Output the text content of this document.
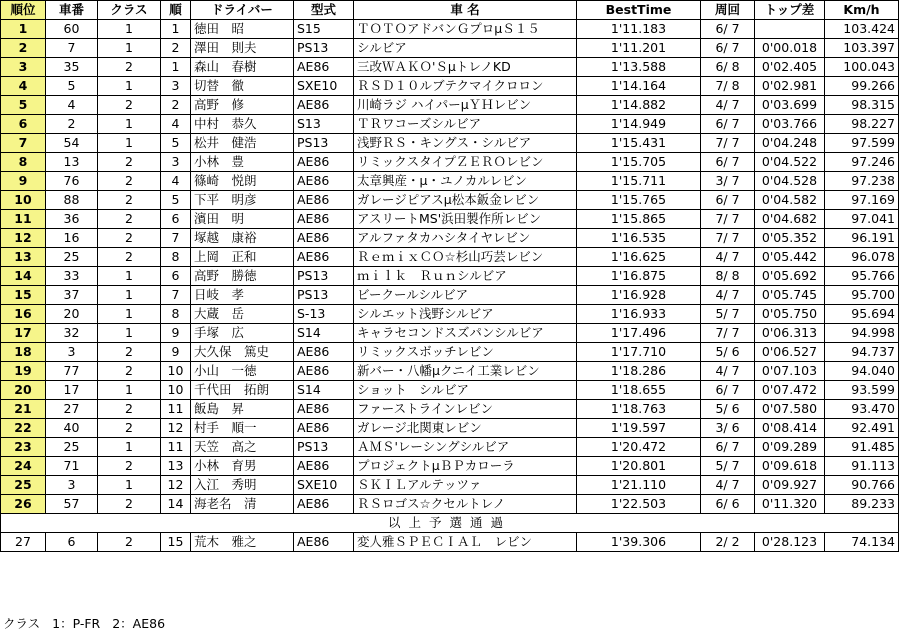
順位	車番	クラス	順	ドライバー	型式	車 名	BestTime	周回	トップ差	Km/h
1	60	1	1	徳田　昭	S15	ＴＯＴＯアドバンＧプロμＳ１５	1'11.183	6/ 7		103.424
2	7	1	2	澤田　則夫	PS13	シルビア	1'11.201	6/ 7	0'00.018	103.397
3	35	2	1	森山　春樹	AE86	三改ＷＡＫＯ'ＳμトレノKD	1'13.588	6/ 8	0'02.405	100.043
4	5	1	3	切替　徹	SXE10	ＲＳＤ１０ルブテクマイクロロン	1'14.164	7/ 8	0'02.981	99.266
5	4	2	2	高野　修	AE86	川崎ラジ ハイパーμＹＨレビン	1'14.882	4/ 7	0'03.699	98.315
6	2	1	4	中村　恭久	S13	ＴＲワコーズシルビア	1'14.949	6/ 7	0'03.766	98.227
7	54	1	5	松井　健浩	PS13	浅野ＲＳ・キングス・シルビア	1'15.431	7/ 7	0'04.248	97.599
8	13	2	3	小林　豊	AE86	リミックスタイプＺＥＲＯレビン	1'15.705	6/ 7	0'04.522	97.246
9	76	2	4	篠崎　悦朗	AE86	太章興産・μ・ユノカルレビン	1'15.711	3/ 7	0'04.528	97.238
10	88	2	5	下平　明彦	AE86	ガレージピアスμ松本鈑金レビン	1'15.765	6/ 7	0'04.582	97.169
11	36	2	6	濱田　明	AE86	アスリートMS'浜田製作所レビン	1'15.865	7/ 7	0'04.682	97.041
12	16	2	7	塚越　康裕	AE86	アルファタカハシタイヤレビン	1'16.535	7/ 7	0'05.352	96.191
13	25	2	8	上岡　正和	AE86	ＲｅｍｉｘＣＯ☆杉山巧芸レビン	1'16.625	4/ 7	0'05.442	96.078
14	33	1	6	高野　勝徳	PS13	ｍｉｌｋ　Ｒｕｎシルビア	1'16.875	8/ 8	0'05.692	95.766
15	37	1	7	日岐　孝	PS13	ビークールシルビア	1'16.928	4/ 7	0'05.745	95.700
16	20	1	8	大蔵　岳	S-13	シルエット浅野シルビア	1'16.933	5/ 7	0'05.750	95.694
17	32	1	9	手塚　広	S14	キャラセコンドスズパンシルビア	1'17.496	7/ 7	0'06.313	94.998
18	3	2	9	大久保　篤史	AE86	リミックスボッチレビン	1'17.710	5/ 6	0'06.527	94.737
19	77	2	10	小山　一徳	AE86	新バー・八幡μクニイ工業レビン	1'18.286	4/ 7	0'07.103	94.040
20	17	1	10	千代田　拓朗	S14	ショット　シルビア	1'18.655	6/ 7	0'07.472	93.599
21	27	2	11	飯島　昇	AE86	ファーストラインレビン	1'18.763	5/ 6	0'07.580	93.470
22	40	2	12	村手　順一	AE86	ガレージ北関東レビン	1'19.597	3/ 6	0'08.414	92.491
23	25	1	11	天笠　高之	PS13	ＡＭＳ'レーシングシルビア	1'20.472	6/ 7	0'09.289	91.485
24	71	2	13	小林　育男	AE86	プロジェクトμＢＰカローラ	1'20.801	5/ 7	0'09.618	91.113
25	3	1	12	入江　秀明	SXE10	ＳＫＩＬアルテッツァ	1'21.110	4/ 7	0'09.927	90.766
26	57	2	14	海老名　清	AE86	ＲＳロゴス☆クセルトレノ	1'22.503	6/ 6	0'11.320	89.233
以上予選通過										
27	6	2	15	荒木　雅之	AE86	変人雅ＳＰＥＣＩＡＬ　レビン	1'39.306	2/ 2	0'28.123	74.134
クラス 1：P-FR 2：AE86
